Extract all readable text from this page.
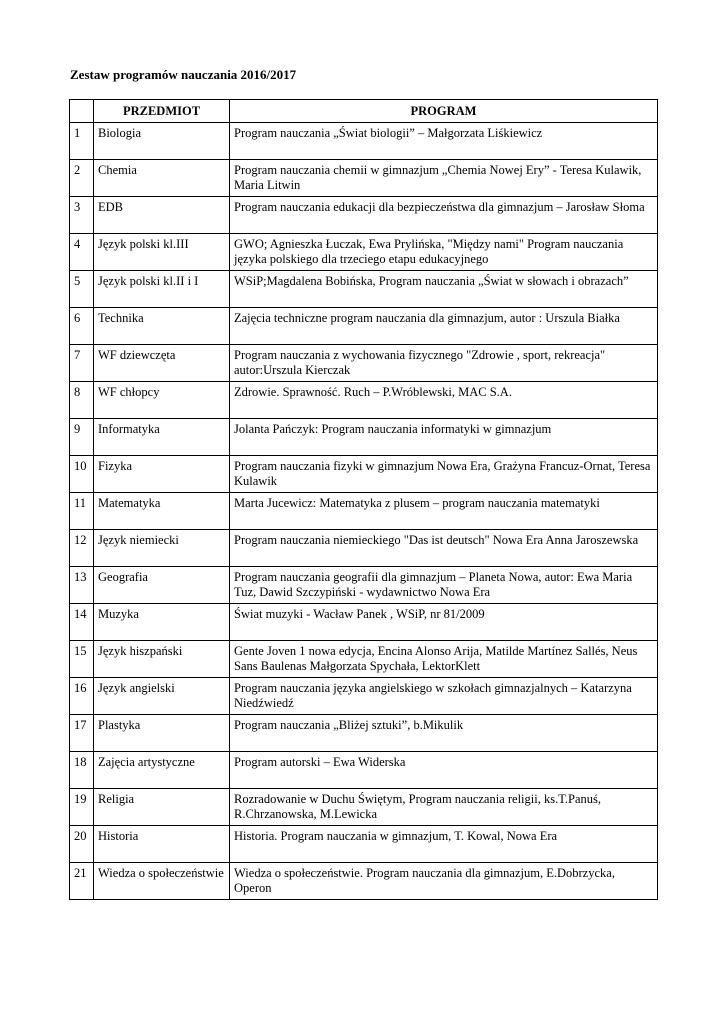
Zestaw programów nauczania 2016/2017
	PRZEDMIOT	PROGRAM
1	Biologia	Program nauczania „Świat biologii” – Małgorzata Liśkiewicz
2	Chemia	Program nauczania chemii w gimnazjum „Chemia Nowej Ery” - Teresa Kulawik, Maria Litwin
3	EDB	Program nauczania edukacji dla bezpieczeństwa dla gimnazjum – Jarosław Słoma
4	Język polski kl.III	GWO; Agnieszka Łuczak, Ewa Prylińska, "Między nami" Program nauczania języka polskiego dla trzeciego etapu edukacyjnego
5	Język polski kl.II i I	WSiP;Magdalena Bobińska, Program nauczania „Świat w słowach i obrazach”
6	Technika	Zajęcia techniczne program nauczania dla gimnazjum, autor : Urszula Białka
7	WF dziewczęta	Program nauczania z wychowania fizycznego "Zdrowie , sport, rekreacja" autor:Urszula Kierczak
8	WF chłopcy	Zdrowie. Sprawność. Ruch – P.Wróblewski, MAC S.A.
9	Informatyka	Jolanta Pańczyk: Program nauczania informatyki w gimnazjum
10	Fizyka	Program nauczania fizyki w gimnazjum Nowa Era, Grażyna Francuz-Ornat, Teresa Kulawik
11	Matematyka	Marta Jucewicz: Matematyka z plusem – program nauczania matematyki
12	Język niemiecki	Program nauczania niemieckiego "Das ist deutsch" Nowa Era Anna Jaroszewska
13	Geografia	Program nauczania geografii dla gimnazjum – Planeta Nowa, autor: Ewa Maria Tuz, Dawid Szczypiński - wydawnictwo Nowa Era
14	Muzyka	Świat muzyki - Wacław Panek , WSiP, nr 81/2009
15	Język hiszpański	Gente Joven 1 nowa edycja, Encina Alonso Arija, Matilde Martínez Sallés, Neus Sans Baulenas Małgorzata Spychała, LektorKlett
16	Język angielski	Program nauczania języka angielskiego w szkołach gimnazjalnych – Katarzyna Niedźwiedź
17	Plastyka	Program nauczania „Bliżej sztuki”, b.Mikulik
18	Zajęcia artystyczne	Program autorski – Ewa Widerska
19	Religia	Rozradowanie w Duchu Świętym, Program nauczania religii, ks.T.Panuś, R.Chrzanowska, M.Lewicka
20	Historia	Historia. Program nauczania w gimnazjum, T. Kowal, Nowa Era
21	Wiedza o społeczeństwie	Wiedza o społeczeństwie. Program nauczania dla gimnazjum, E.Dobrzycka, Operon
